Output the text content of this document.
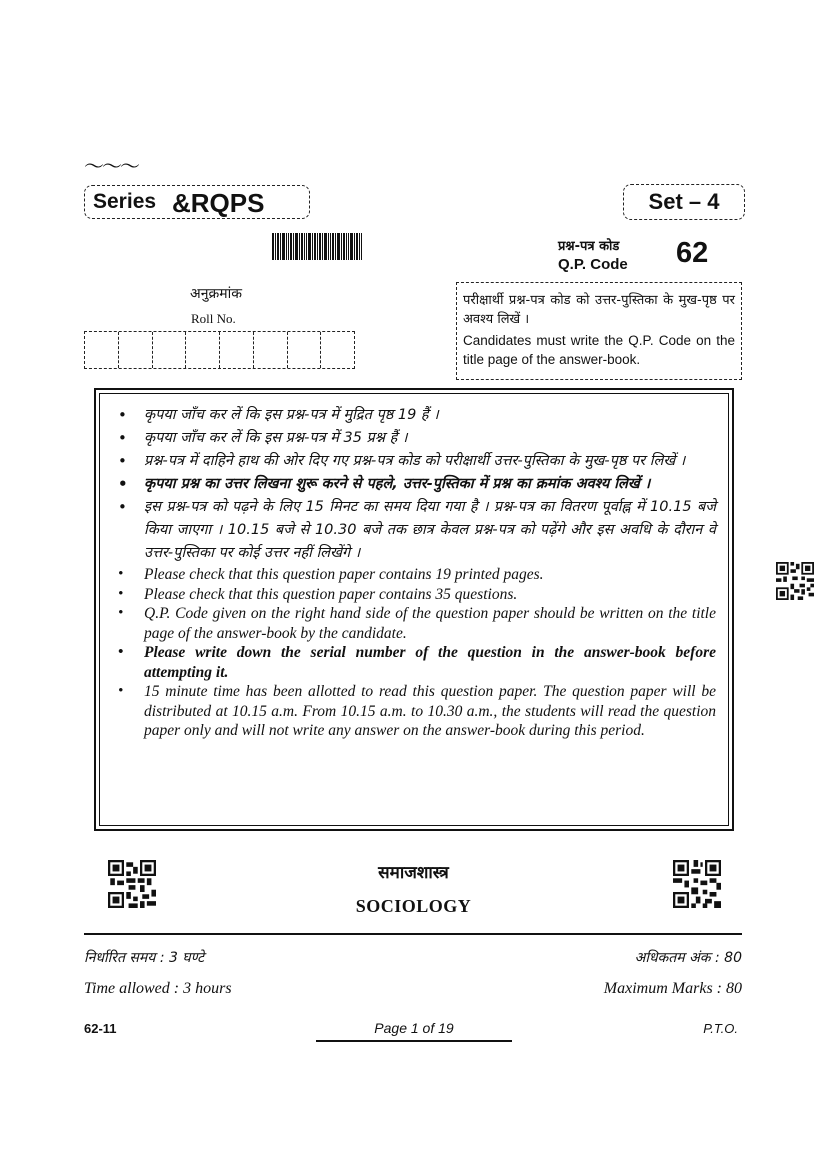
〜〜〜
Series &RQPS	Set – 4
प्रश्न-पत्र कोड
Q.P. Code 62
अनुक्रमांक
Roll No.
परीक्षार्थी प्रश्न-पत्र कोड को उत्तर-पुस्तिका के मुख-पृष्ठ पर अवश्य लिखें ।
Candidates must write the Q.P. Code on the title page of the answer-book.
• कृपया जाँच कर लें कि इस प्रश्न-पत्र में मुद्रित पृष्ठ 19 हैं ।
• कृपया जाँच कर लें कि इस प्रश्न-पत्र में 35 प्रश्न हैं ।
• प्रश्न-पत्र में दाहिने हाथ की ओर दिए गए प्रश्न-पत्र कोड को परीक्षार्थी उत्तर-पुस्तिका के मुख-पृष्ठ पर लिखें ।
• कृपया प्रश्न का उत्तर लिखना शुरू करने से पहले, उत्तर-पुस्तिका में प्रश्न का क्रमांक अवश्य लिखें ।
• इस प्रश्न-पत्र को पढ़ने के लिए 15 मिनट का समय दिया गया है । प्रश्न-पत्र का वितरण पूर्वाह्न में 10.15 बजे किया जाएगा । 10.15 बजे से 10.30 बजे तक छात्र केवल प्रश्न-पत्र को पढ़ेंगे और इस अवधि के दौरान वे उत्तर-पुस्तिका पर कोई उत्तर नहीं लिखेंगे ।
• Please check that this question paper contains 19 printed pages.
• Please check that this question paper contains 35 questions.
• Q.P. Code given on the right hand side of the question paper should be written on the title page of the answer-book by the candidate.
• Please write down the serial number of the question in the answer-book before attempting it.
• 15 minute time has been allotted to read this question paper. The question paper will be distributed at 10.15 a.m. From 10.15 a.m. to 10.30 a.m., the students will read the question paper only and will not write any answer on the answer-book during this period.
समाजशास्त्र
SOCIOLOGY
निर्धारित समय : 3 घण्टे	अधिकतम अंक : 80
Time allowed : 3 hours	Maximum Marks : 80
62-11	Page 1 of 19	P.T.O.
